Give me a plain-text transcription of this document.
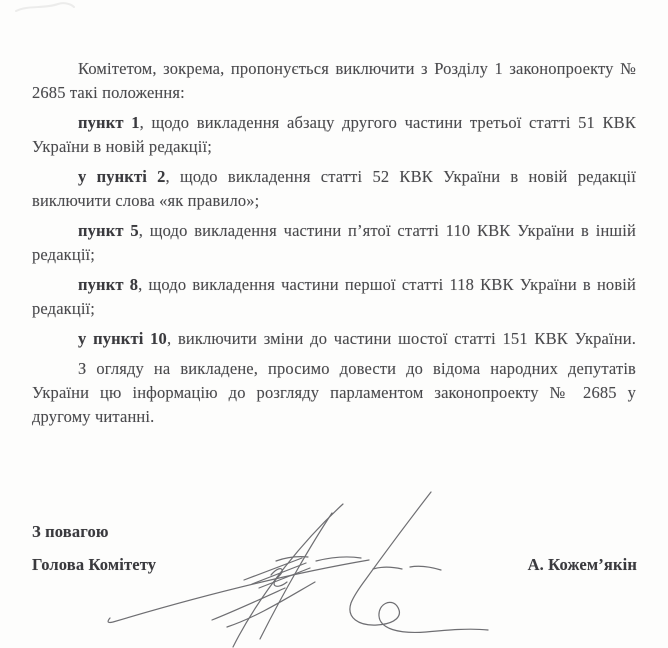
Комітетом, зокрема, пропонується виключити з Розділу 1 законопроекту №
2685 такі положення:
пункт 1, щодо викладення абзацу другого частини третьої статті 51 КВК
України в новій редакції;
у пункті 2, щодо викладення статті 52 КВК України в новій редакції
виключити слова «як правило»;
пункт 5, щодо викладення частини п’ятої статті 110 КВК України в іншій
редакції;
пункт 8, щодо викладення частини першої статті 118 КВК України в новій
редакції;
у пункті 10, виключити зміни до частини шостої статті 151 КВК України.
З огляду на викладене, просимо довести до відома народних депутатів
України цю інформацію до розгляду парламентом законопроекту № 2685 у
другому читанні.
З повагою
Голова Комітету	А. Кожем’якін
